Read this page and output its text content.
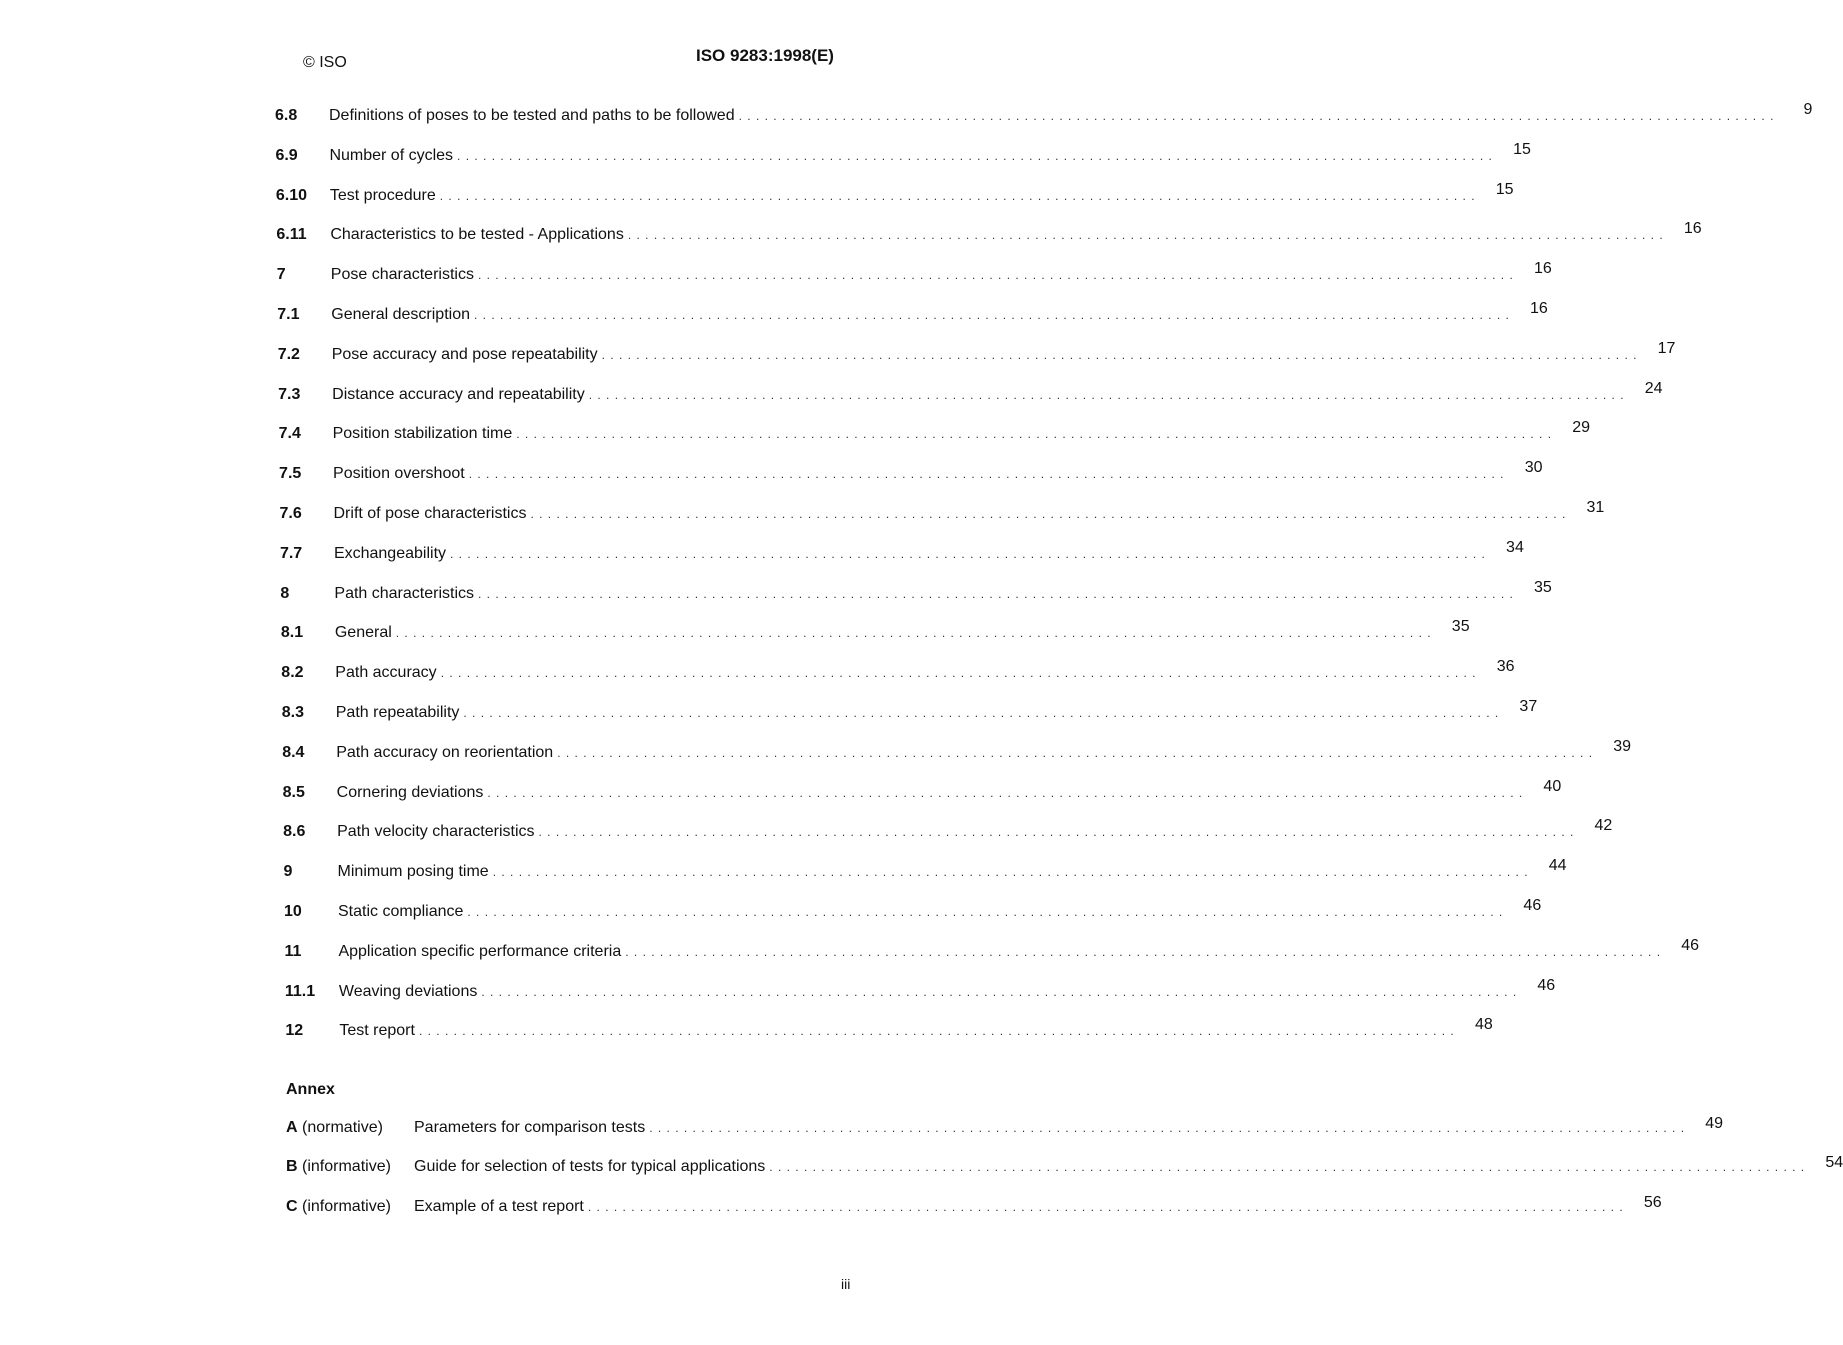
© ISO	ISO 9283:1998(E)
6.8	Definitions of poses to be tested and paths to be followed . . . . . . . . . . . . . . . . . . . . . . . . . . . . . . . . . . . . . . . . . . . . . . . . . . . . . . . . . . . . . . . . . . . . . . . . . . . . . . . . . . . . . . . . . . . . . . . . . . . . . . . . . . . . . . . . . . . . . . . .	9
6.9	Number of cycles . . . . . . . . . . . . . . . . . . . . . . . . . . . . . . . . . . . . . . . . . . . . . . . . . . . . . . . . . . . . . . . . . . . . . . . . . . . . . . . . . . . . . . . . . . . . . . . . . . . . . . . . . . . . . . . . . . . . . . . .	15
6.10	Test procedure . . . . . . . . . . . . . . . . . . . . . . . . . . . . . . . . . . . . . . . . . . . . . . . . . . . . . . . . . . . . . . . . . . . . . . . . . . . . . . . . . . . . . . . . . . . . . . . . . . . . . . . . . . . . . . . . . . . . . . . .	15
6.11	Characteristics to be tested - Applications . . . . . . . . . . . . . . . . . . . . . . . . . . . . . . . . . . . . . . . . . . . . . . . . . . . . . . . . . . . . . . . . . . . . . . . . . . . . . . . . . . . . . . . . . . . . . . . . . . . . . . . . . . . . . . . . . . . . . . . .	16
7	Pose characteristics . . . . . . . . . . . . . . . . . . . . . . . . . . . . . . . . . . . . . . . . . . . . . . . . . . . . . . . . . . . . . . . . . . . . . . . . . . . . . . . . . . . . . . . . . . . . . . . . . . . . . . . . . . . . . . . . . . . . . . . .	16
7.1	General description . . . . . . . . . . . . . . . . . . . . . . . . . . . . . . . . . . . . . . . . . . . . . . . . . . . . . . . . . . . . . . . . . . . . . . . . . . . . . . . . . . . . . . . . . . . . . . . . . . . . . . . . . . . . . . . . . . . . . . . .	16
7.2	Pose accuracy and pose repeatability . . . . . . . . . . . . . . . . . . . . . . . . . . . . . . . . . . . . . . . . . . . . . . . . . . . . . . . . . . . . . . . . . . . . . . . . . . . . . . . . . . . . . . . . . . . . . . . . . . . . . . . . . . . . . . . . . . . . . . . .	17
7.3	Distance accuracy and repeatability . . . . . . . . . . . . . . . . . . . . . . . . . . . . . . . . . . . . . . . . . . . . . . . . . . . . . . . . . . . . . . . . . . . . . . . . . . . . . . . . . . . . . . . . . . . . . . . . . . . . . . . . . . . . . . . . . . . . . . . .	24
7.4	Position stabilization time . . . . . . . . . . . . . . . . . . . . . . . . . . . . . . . . . . . . . . . . . . . . . . . . . . . . . . . . . . . . . . . . . . . . . . . . . . . . . . . . . . . . . . . . . . . . . . . . . . . . . . . . . . . . . . . . . . . . . . . .	29
7.5	Position overshoot . . . . . . . . . . . . . . . . . . . . . . . . . . . . . . . . . . . . . . . . . . . . . . . . . . . . . . . . . . . . . . . . . . . . . . . . . . . . . . . . . . . . . . . . . . . . . . . . . . . . . . . . . . . . . . . . . . . . . . . .	30
7.6	Drift of pose characteristics . . . . . . . . . . . . . . . . . . . . . . . . . . . . . . . . . . . . . . . . . . . . . . . . . . . . . . . . . . . . . . . . . . . . . . . . . . . . . . . . . . . . . . . . . . . . . . . . . . . . . . . . . . . . . . . . . . . . . . . .	31
7.7	Exchangeability . . . . . . . . . . . . . . . . . . . . . . . . . . . . . . . . . . . . . . . . . . . . . . . . . . . . . . . . . . . . . . . . . . . . . . . . . . . . . . . . . . . . . . . . . . . . . . . . . . . . . . . . . . . . . . . . . . . . . . . .	34
8	Path characteristics . . . . . . . . . . . . . . . . . . . . . . . . . . . . . . . . . . . . . . . . . . . . . . . . . . . . . . . . . . . . . . . . . . . . . . . . . . . . . . . . . . . . . . . . . . . . . . . . . . . . . . . . . . . . . . . . . . . . . . . .	35
8.1	General . . . . . . . . . . . . . . . . . . . . . . . . . . . . . . . . . . . . . . . . . . . . . . . . . . . . . . . . . . . . . . . . . . . . . . . . . . . . . . . . . . . . . . . . . . . . . . . . . . . . . . . . . . . . . . . . . . . . . . . .	35
8.2	Path accuracy . . . . . . . . . . . . . . . . . . . . . . . . . . . . . . . . . . . . . . . . . . . . . . . . . . . . . . . . . . . . . . . . . . . . . . . . . . . . . . . . . . . . . . . . . . . . . . . . . . . . . . . . . . . . . . . . . . . . . . . .	36
8.3	Path repeatability . . . . . . . . . . . . . . . . . . . . . . . . . . . . . . . . . . . . . . . . . . . . . . . . . . . . . . . . . . . . . . . . . . . . . . . . . . . . . . . . . . . . . . . . . . . . . . . . . . . . . . . . . . . . . . . . . . . . . . . .	37
8.4	Path accuracy on reorientation . . . . . . . . . . . . . . . . . . . . . . . . . . . . . . . . . . . . . . . . . . . . . . . . . . . . . . . . . . . . . . . . . . . . . . . . . . . . . . . . . . . . . . . . . . . . . . . . . . . . . . . . . . . . . . . . . . . . . . . .	39
8.5	Cornering deviations . . . . . . . . . . . . . . . . . . . . . . . . . . . . . . . . . . . . . . . . . . . . . . . . . . . . . . . . . . . . . . . . . . . . . . . . . . . . . . . . . . . . . . . . . . . . . . . . . . . . . . . . . . . . . . . . . . . . . . . .	40
8.6	Path velocity characteristics . . . . . . . . . . . . . . . . . . . . . . . . . . . . . . . . . . . . . . . . . . . . . . . . . . . . . . . . . . . . . . . . . . . . . . . . . . . . . . . . . . . . . . . . . . . . . . . . . . . . . . . . . . . . . . . . . . . . . . . .	42
9	Minimum posing time . . . . . . . . . . . . . . . . . . . . . . . . . . . . . . . . . . . . . . . . . . . . . . . . . . . . . . . . . . . . . . . . . . . . . . . . . . . . . . . . . . . . . . . . . . . . . . . . . . . . . . . . . . . . . . . . . . . . . . . .	44
10	Static compliance . . . . . . . . . . . . . . . . . . . . . . . . . . . . . . . . . . . . . . . . . . . . . . . . . . . . . . . . . . . . . . . . . . . . . . . . . . . . . . . . . . . . . . . . . . . . . . . . . . . . . . . . . . . . . . . . . . . . . . . .	46
11	Application specific performance criteria . . . . . . . . . . . . . . . . . . . . . . . . . . . . . . . . . . . . . . . . . . . . . . . . . . . . . . . . . . . . . . . . . . . . . . . . . . . . . . . . . . . . . . . . . . . . . . . . . . . . . . . . . . . . . . . . . . . . . . . .	46
11.1	Weaving deviations . . . . . . . . . . . . . . . . . . . . . . . . . . . . . . . . . . . . . . . . . . . . . . . . . . . . . . . . . . . . . . . . . . . . . . . . . . . . . . . . . . . . . . . . . . . . . . . . . . . . . . . . . . . . . . . . . . . . . . . .	46
12	Test report . . . . . . . . . . . . . . . . . . . . . . . . . . . . . . . . . . . . . . . . . . . . . . . . . . . . . . . . . . . . . . . . . . . . . . . . . . . . . . . . . . . . . . . . . . . . . . . . . . . . . . . . . . . . . . . . . . . . . . . .	48
Annex
A (normative)	Parameters for comparison tests . . . . . . . . . . . . . . . . . . . . . . . . . . . . . . . . . . . . . . . . . . . . . . . . . . . . . . . . . . . . . . . . . . . . . . . . . . . . . . . . . . . . . . . . . . . . . . . . . . . . . . . . . . . . . . . . . . . . . . . .	49
B (informative)	Guide for selection of tests for typical applications . . . . . . . . . . . . . . . . . . . . . . . . . . . . . . . . . . . . . . . . . . . . . . . . . . . . . . . . . . . . . . . . . . . . . . . . . . . . . . . . . . . . . . . . . . . . . . . . . . . . . . . . . . . . . . . . . . . . . . . .	54
C (informative)	Example of a test report . . . . . . . . . . . . . . . . . . . . . . . . . . . . . . . . . . . . . . . . . . . . . . . . . . . . . . . . . . . . . . . . . . . . . . . . . . . . . . . . . . . . . . . . . . . . . . . . . . . . . . . . . . . . . . . . . . . . . . . .	56
iii
